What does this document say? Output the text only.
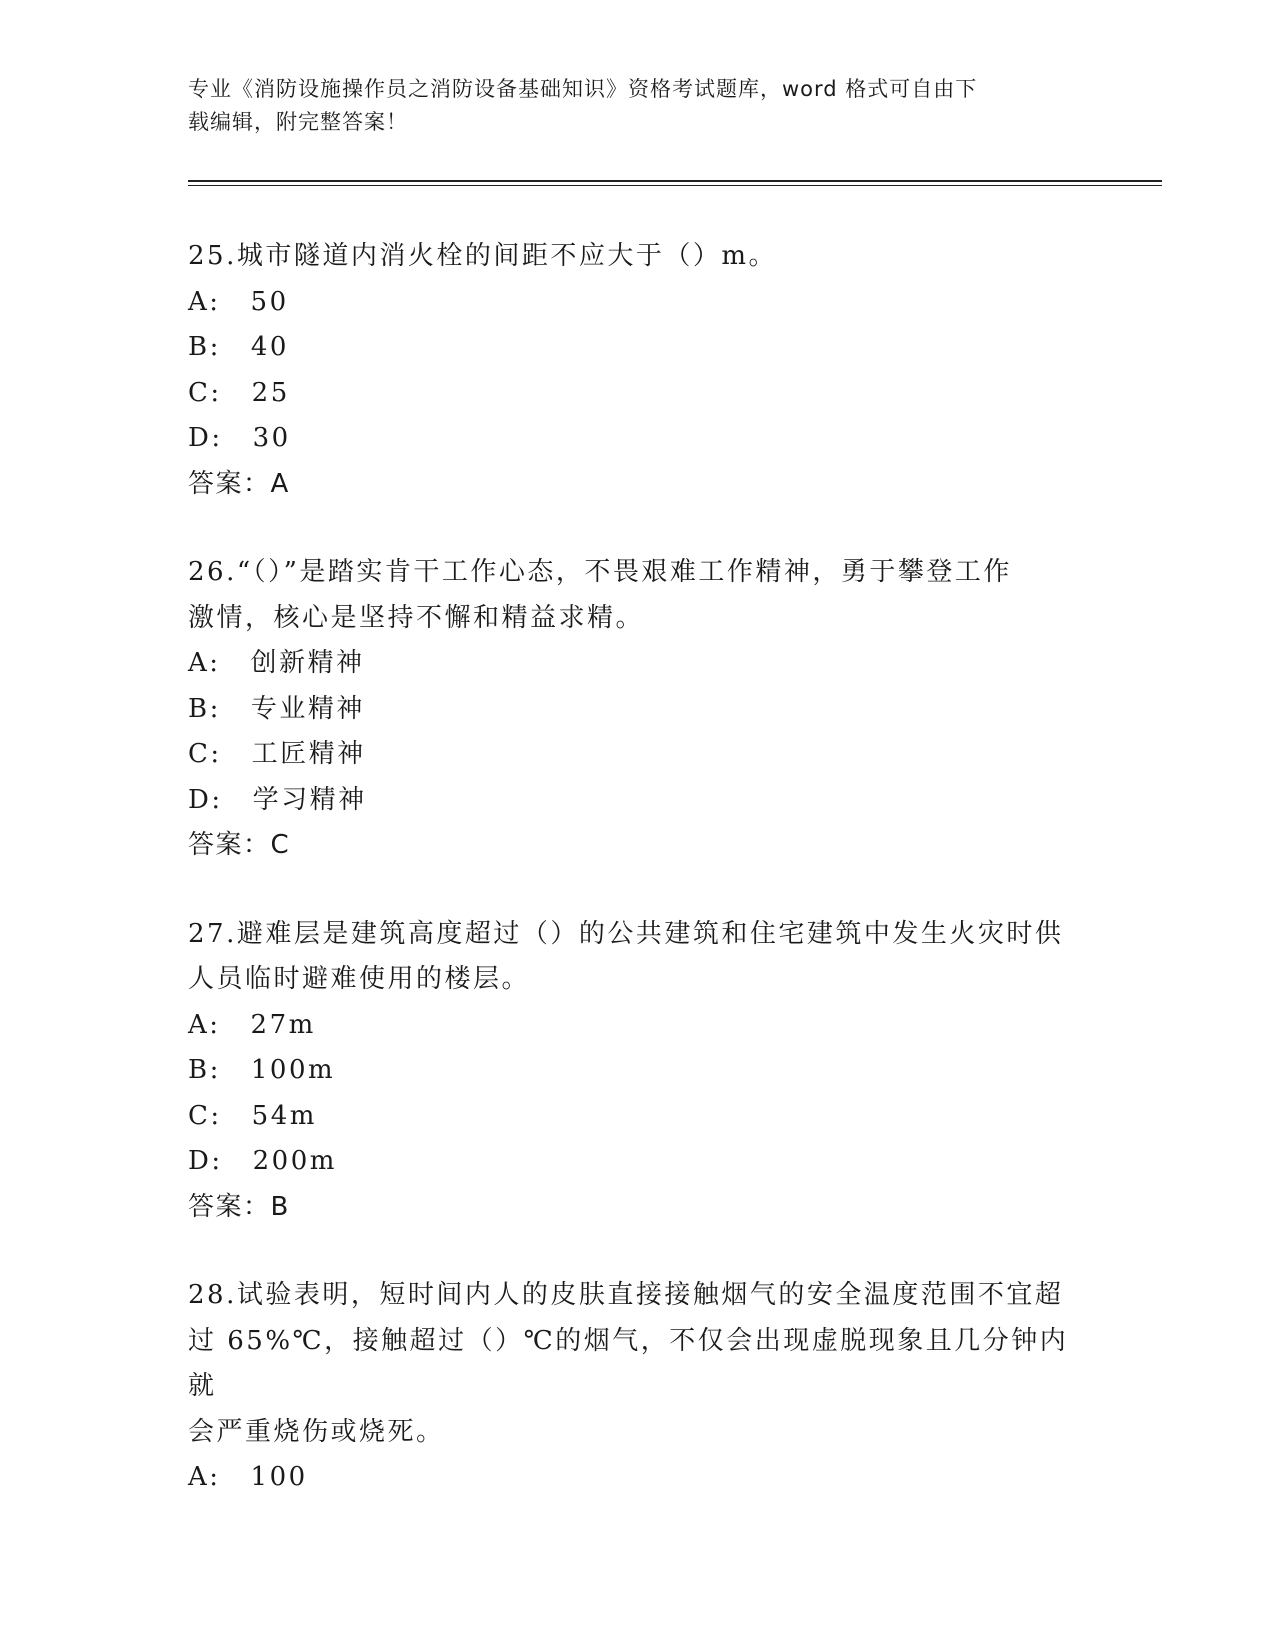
专业《消防设施操作员之消防设备基础知识》资格考试题库，word 格式可自由下
载编辑，附完整答案！
25.城市隧道内消火栓的间距不应大于（）m。
A: 50
B: 40
C: 25
D: 30
答案：A
26.“（）”是踏实肯干工作心态，不畏艰难工作精神，勇于攀登工作
激情，核心是坚持不懈和精益求精。
A: 创新精神
B: 专业精神
C: 工匠精神
D: 学习精神
答案：C
27.避难层是建筑高度超过（）的公共建筑和住宅建筑中发生火灾时供
人员临时避难使用的楼层。
A: 27m
B: 100m
C: 54m
D: 200m
答案：B
28.试验表明，短时间内人的皮肤直接接触烟气的安全温度范围不宜超
过 65%℃，接触超过（）℃的烟气，不仅会出现虚脱现象且几分钟内就
会严重烧伤或烧死。
A: 100
